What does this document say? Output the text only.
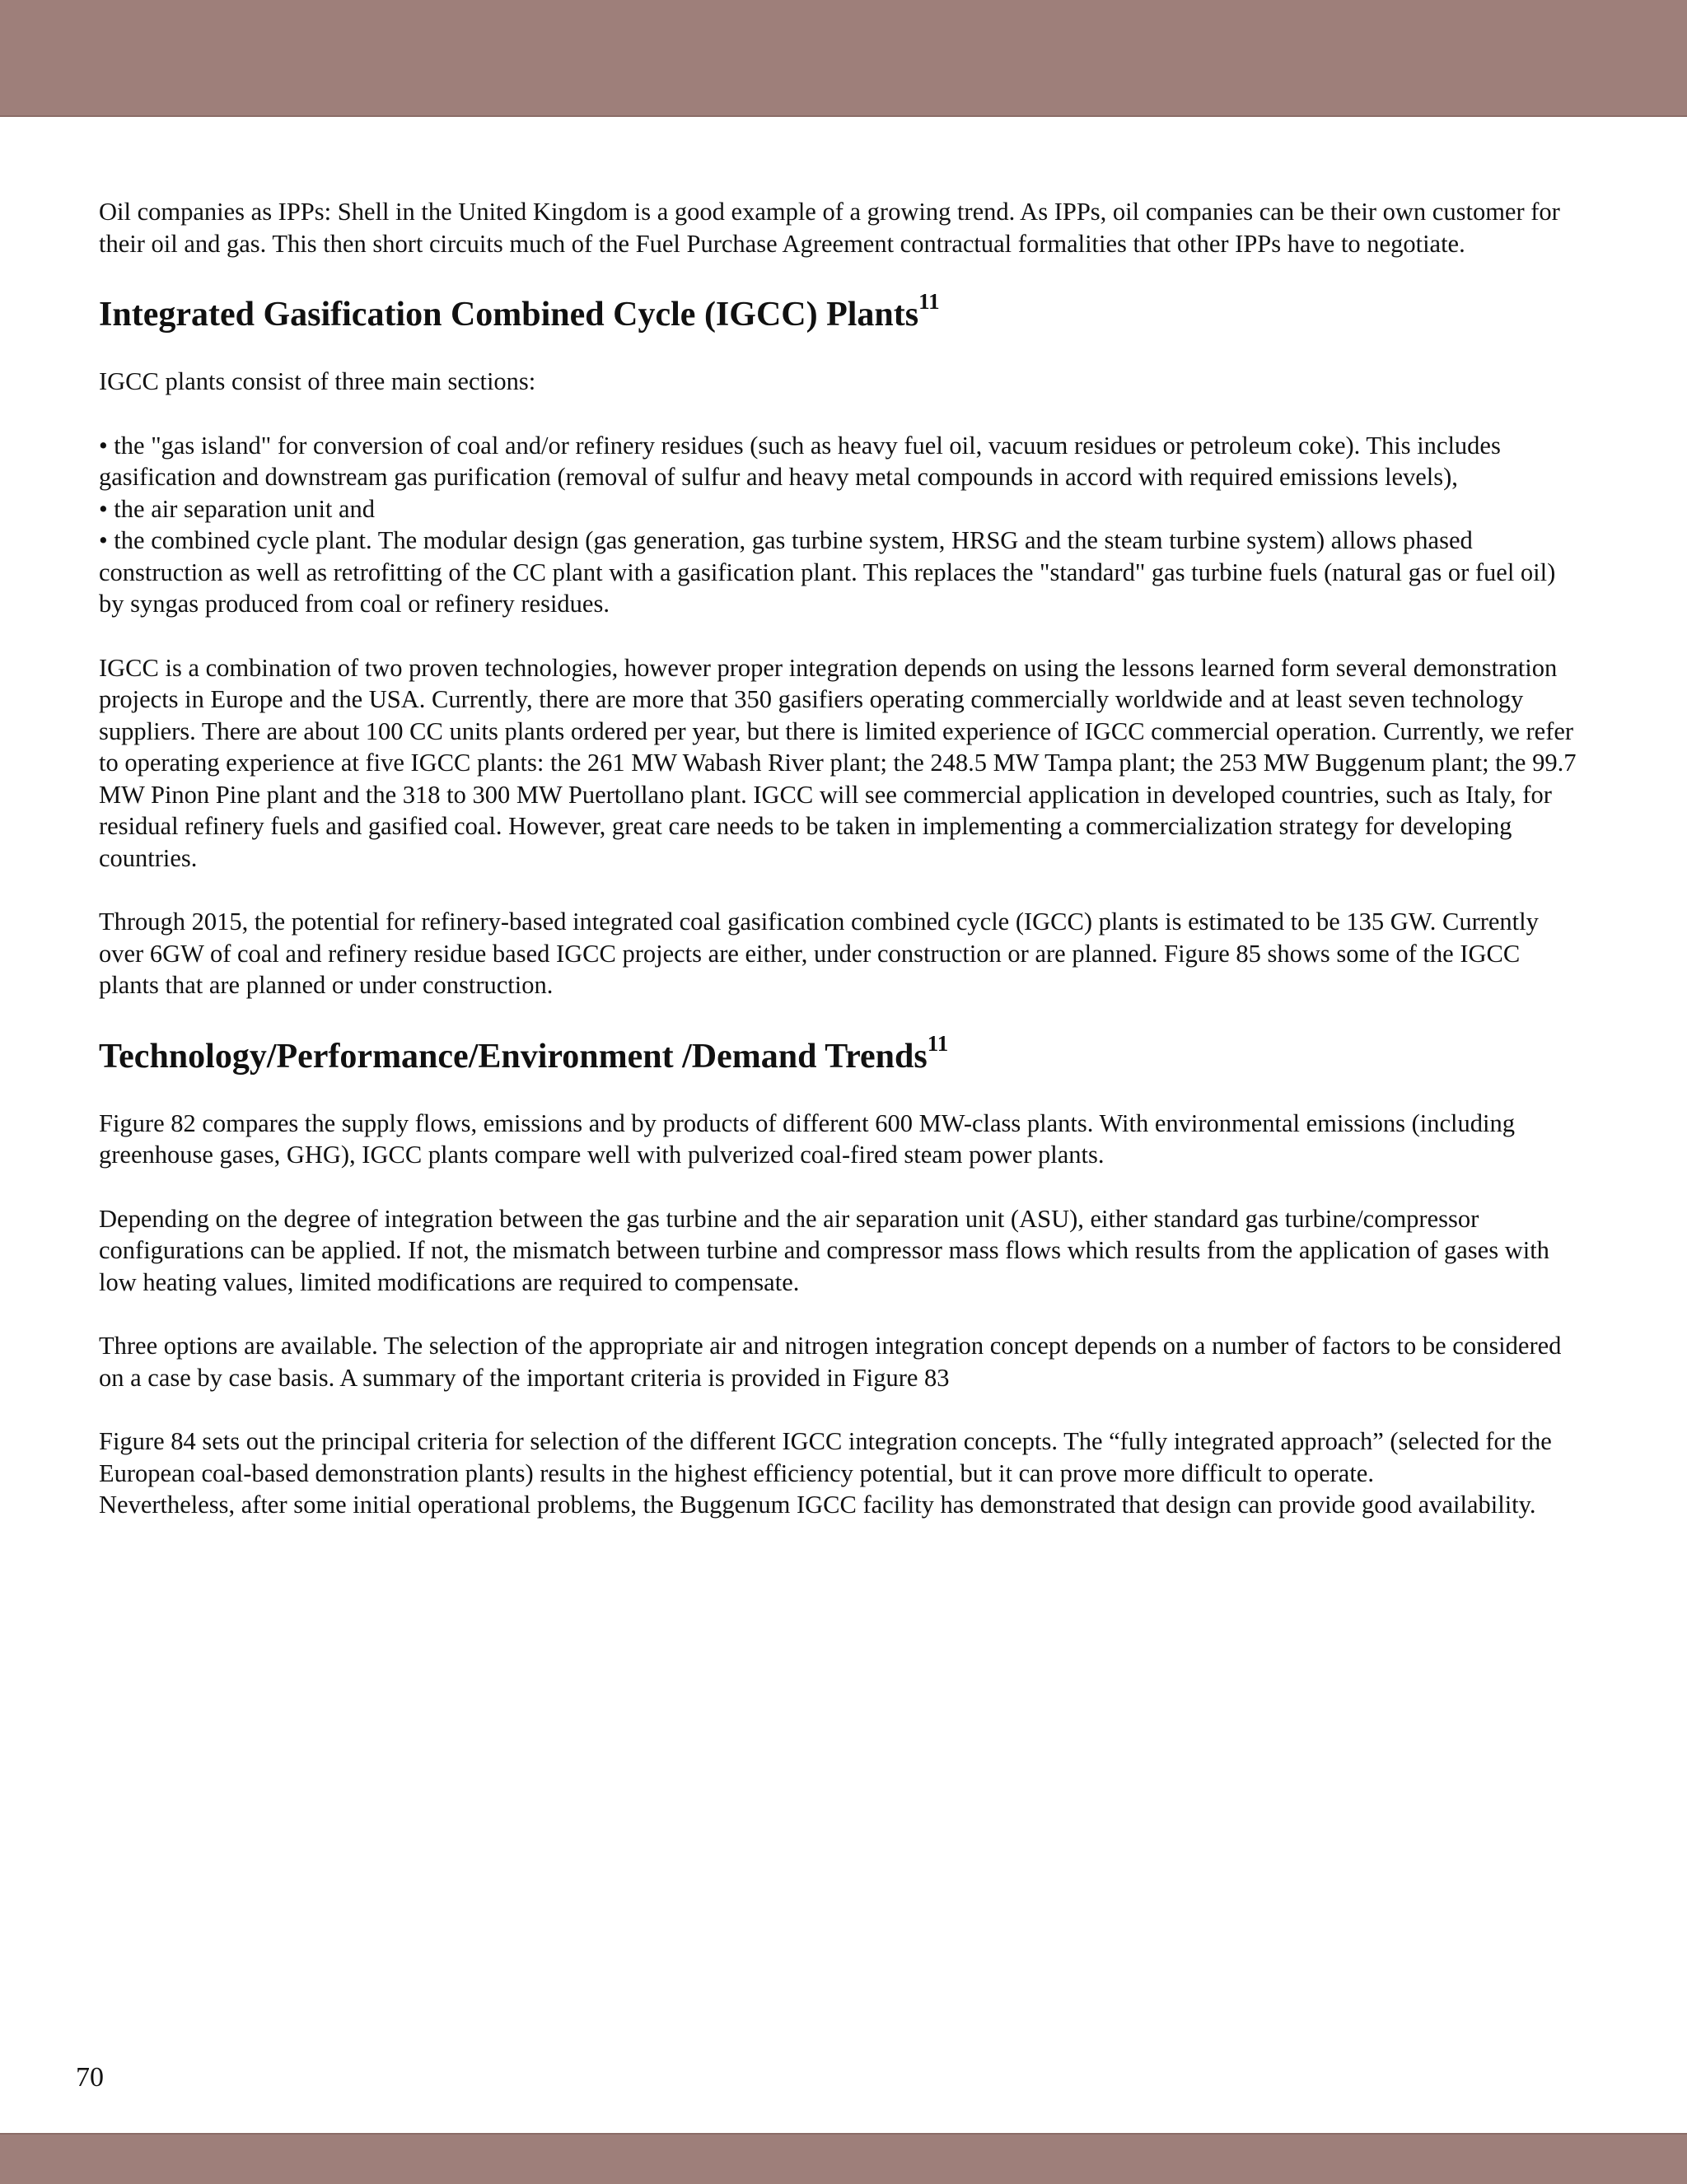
Oil companies as IPPs: Shell in the United Kingdom is a good example of a growing trend. As IPPs, oil companies can be their own customer for their oil and gas. This then short circuits much of the Fuel Purchase Agreement contractual formalities that other IPPs have to negotiate.

Integrated Gasification Combined Cycle (IGCC) Plants$^{11}$

IGCC plants consist of three main sections:

• the "gas island" for conversion of coal and/or refinery residues (such as heavy fuel oil, vacuum residues or petroleum coke). This includes gasification and downstream gas purification (removal of sulfur and heavy metal compounds in accord with required emissions levels),

• the air separation unit and

• the combined cycle plant. The modular design (gas generation, gas turbine system, HRSG and the steam turbine system) allows phased construction as well as retrofitting of the CC plant with a gasification plant. This replaces the "standard" gas turbine fuels (natural gas or fuel oil) by syngas produced from coal or refinery residues.

IGCC is a combination of two proven technologies, however proper integration depends on using the lessons learned form several demonstration projects in Europe and the USA. Currently, there are more that 350 gasifiers operating commercially worldwide and at least seven technology suppliers. There are about 100 CC units plants ordered per year, but there is limited experience of IGCC commercial operation. Currently, we refer to operating experience at five IGCC plants: the 261 MW Wabash River plant; the 248.5 MW Tampa plant; the 253 MW Buggenum plant; the 99.7 MW Pinon Pine plant and the 318 to 300 MW Puertollano plant. IGCC will see commercial application in developed countries, such as Italy, for residual refinery fuels and gasified coal. However, great care needs to be taken in implementing a commercialization strategy for developing countries.

Through 2015, the potential for refinery-based integrated coal gasification combined cycle (IGCC) plants is estimated to be 135 GW. Currently over 6GW of coal and refinery residue based IGCC projects are either, under construction or are planned. Figure 85 shows some of the IGCC plants that are planned or under construction.

Technology/Performance/Environment /Demand Trends$^{11}$

Figure 82 compares the supply flows, emissions and by products of different 600 MW-class plants. With environmental emissions (including greenhouse gases, GHG), IGCC plants compare well with pulverized coal-fired steam power plants.

Depending on the degree of integration between the gas turbine and the air separation unit (ASU), either standard gas turbine/compressor configurations can be applied. If not, the mismatch between turbine and compressor mass flows which results from the application of gases with low heating values, limited modifications are required to compensate.

Three options are available. The selection of the appropriate air and nitrogen integration concept depends on a number of factors to be considered on a case by case basis. A summary of the important criteria is provided in Figure 83

Figure 84 sets out the principal criteria for selection of the different IGCC integration concepts. The “fully integrated approach” (selected for the European coal-based demonstration plants) results in the highest efficiency potential, but it can prove more difficult to operate.

Nevertheless, after some initial operational problems, the Buggenum IGCC facility has demonstrated that design can provide good availability.

70
